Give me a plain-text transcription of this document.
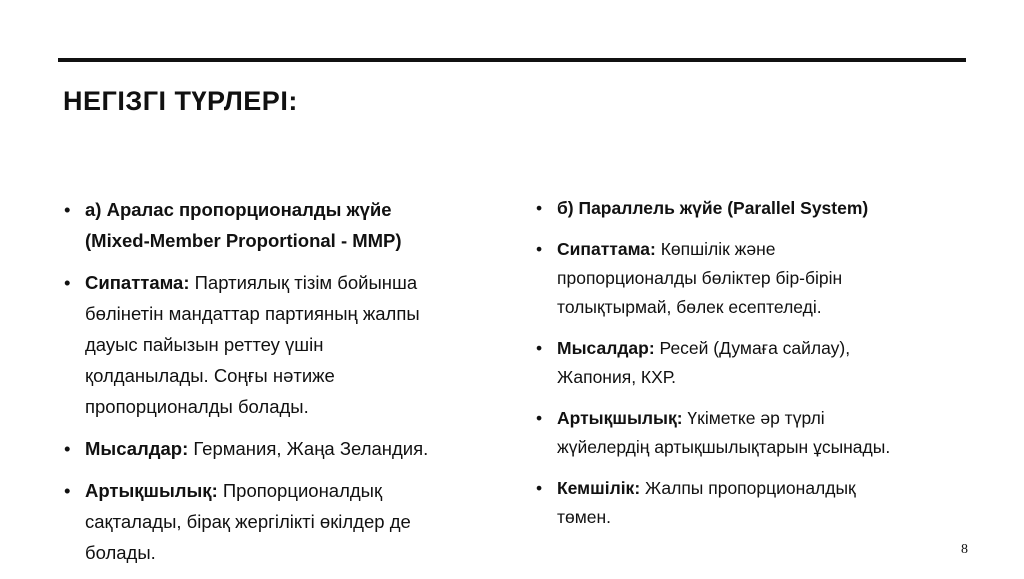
НЕГІЗГІ ТҮРЛЕРІ:
• а) Аралас пропорционалды жүйе
(Mixed-Member Proportional - MMP)
• Сипаттама: Партиялық тізім бойынша
бөлінетін мандаттар партияның жалпы
дауыс пайызын реттеу үшін
қолданылады. Соңғы нәтиже
пропорционалды болады.
• Мысалдар: Германия, Жаңа Зеландия.
• Артықшылық: Пропорционалдық
сақталады, бірақ жергілікті өкілдер де
болады.
• б) Параллель жүйе (Parallel System)
• Сипаттама: Көпшілік және
пропорционалды бөліктер бір-бірін
толықтырмай, бөлек есептеледі.
• Мысалдар: Ресей (Думаға сайлау),
Жапония, КХР.
• Артықшылық: Үкіметке әр түрлі
жүйелердің артықшылықтарын ұсынады.
• Кемшілік: Жалпы пропорционалдық
төмен.
8
